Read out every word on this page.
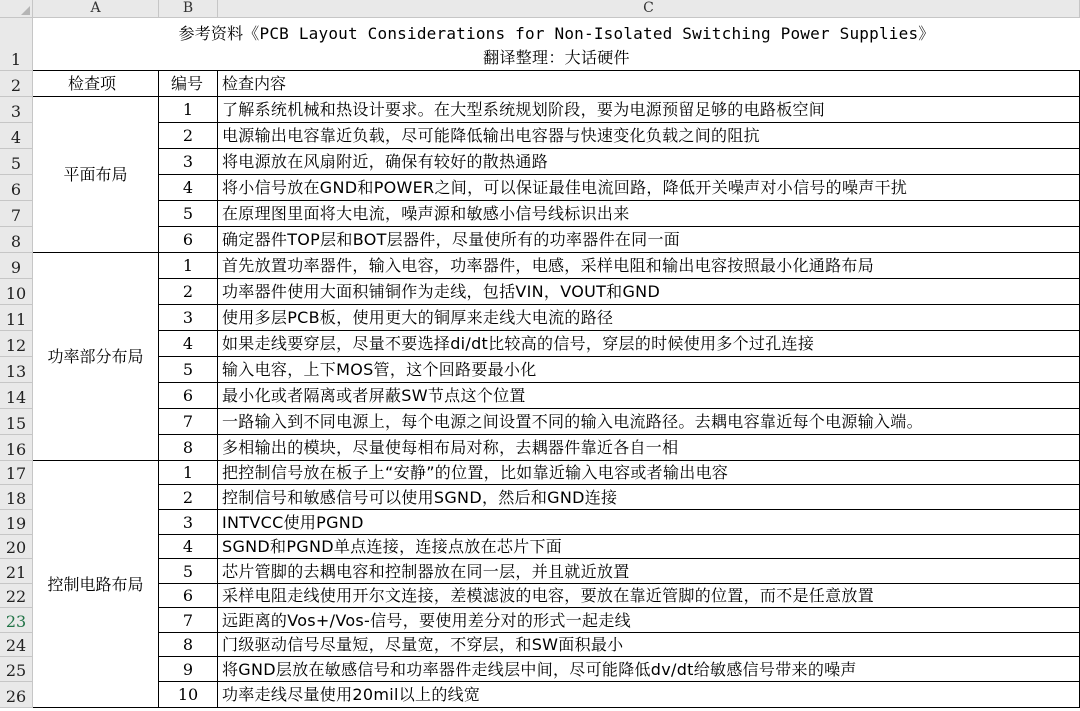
A	B	C
1
2
3
4
5
6
7
8
9
10
11
12
13
14
15
16
17
18
19
20
21
22
23
24
25
26
参考资料《PCB Layout Considerations for Non-Isolated Switching Power Supplies》
翻译整理：大话硬件
检查项	编号	检查内容
平面布局
1	了解系统机械和热设计要求。在大型系统规划阶段，要为电源预留足够的电路板空间
2	电源输出电容靠近负载，尽可能降低输出电容器与快速变化负载之间的阻抗
3	将电源放在风扇附近，确保有较好的散热通路
4	将小信号放在GND和POWER之间，可以保证最佳电流回路，降低开关噪声对小信号的噪声干扰
5	在原理图里面将大电流，噪声源和敏感小信号线标识出来
6	确定器件TOP层和BOT层器件，尽量使所有的功率器件在同一面
功率部分布局
1	首先放置功率器件，输入电容，功率器件，电感，采样电阻和输出电容按照最小化通路布局
2	功率器件使用大面积铺铜作为走线，包括VIN，VOUT和GND
3	使用多层PCB板，使用更大的铜厚来走线大电流的路径
4	如果走线要穿层，尽量不要选择di/dt比较高的信号，穿层的时候使用多个过孔连接
5	输入电容，上下MOS管，这个回路要最小化
6	最小化或者隔离或者屏蔽SW节点这个位置
7	一路输入到不同电源上，每个电源之间设置不同的输入电流路径。去耦电容靠近每个电源输入端。
8	多相输出的模块，尽量使每相布局对称，去耦器件靠近各自一相
控制电路布局
1	把控制信号放在板子上“安静”的位置，比如靠近输入电容或者输出电容
2	控制信号和敏感信号可以使用SGND，然后和GND连接
3	INTVCC使用PGND
4	SGND和PGND单点连接，连接点放在芯片下面
5	芯片管脚的去耦电容和控制器放在同一层，并且就近放置
6	采样电阻走线使用开尔文连接，差模滤波的电容，要放在靠近管脚的位置，而不是任意放置
7	远距离的Vos+/Vos-信号，要使用差分对的形式一起走线
8	门级驱动信号尽量短，尽量宽，不穿层，和SW面积最小
9	将GND层放在敏感信号和功率器件走线层中间，尽可能降低dv/dt给敏感信号带来的噪声
10	功率走线尽量使用20mil以上的线宽
